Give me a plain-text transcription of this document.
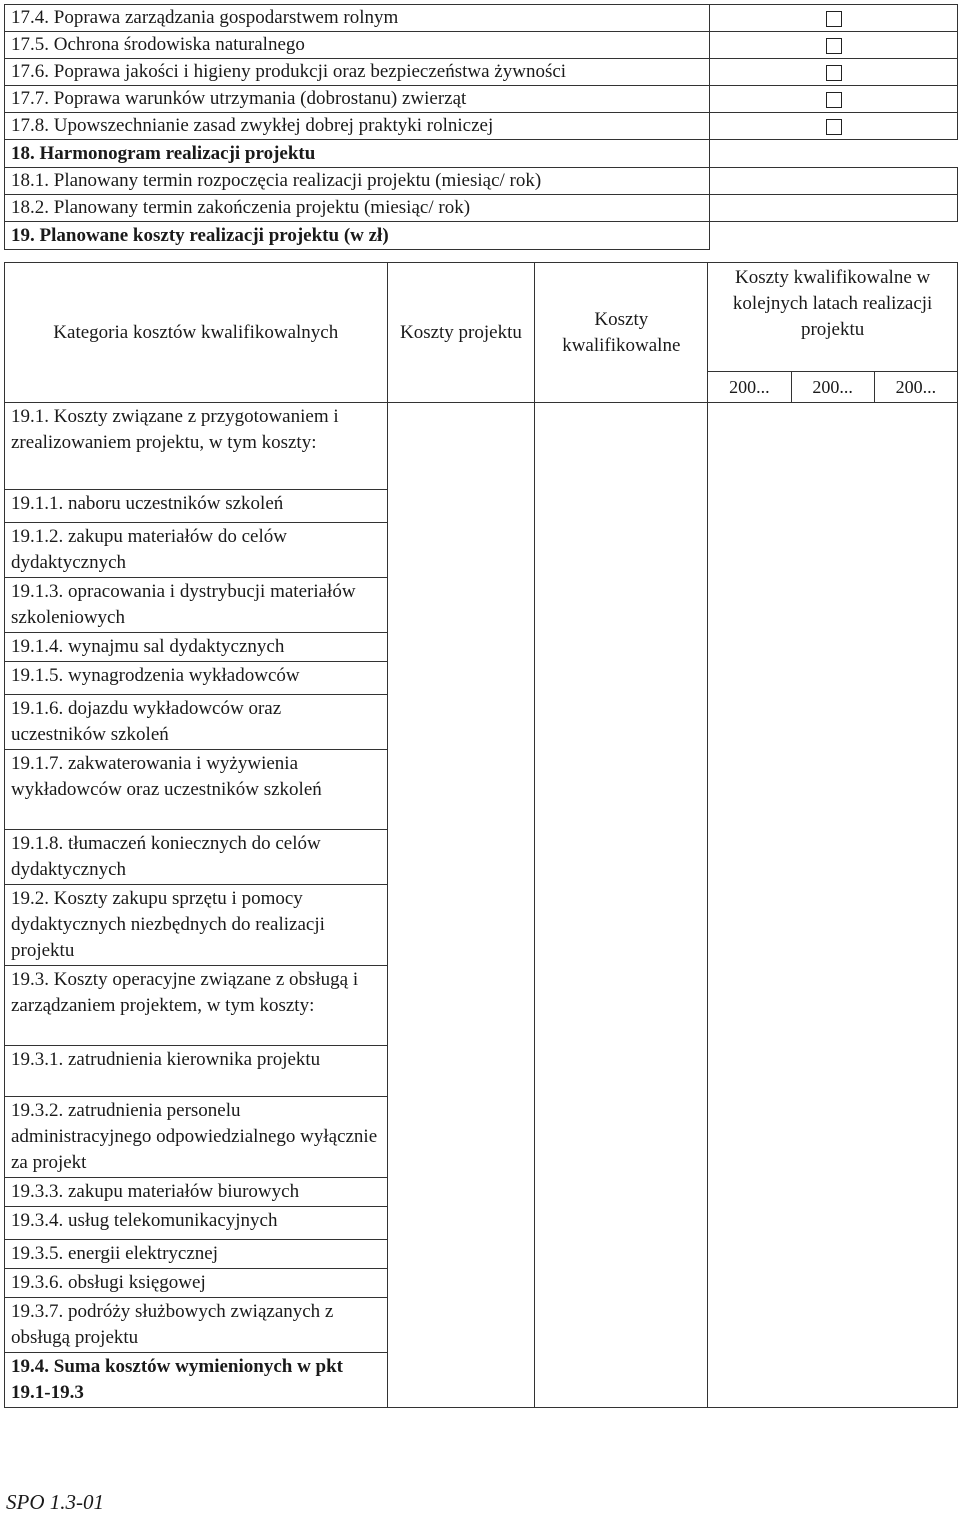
17.4. Poprawa zarządzania gospodarstwem rolnym	
17.5. Ochrona środowiska naturalnego	
17.6. Poprawa jakości i higieny produkcji oraz bezpieczeństwa żywności	
17.7. Poprawa warunków utrzymania (dobrostanu) zwierząt	
17.8. Upowszechnianie zasad zwykłej dobrej praktyki rolniczej	
18. Harmonogram realizacji projektu	
18.1. Planowany termin rozpoczęcia realizacji projektu (miesiąc/ rok)	
18.2. Planowany termin zakończenia projektu (miesiąc/ rok)	
19. Planowane koszty realizacji projektu (w zł)	
Kategoria kosztów kwalifikowalnych	Koszty projektu	Koszty kwalifikowalne	Koszty kwalifikowalne w kolejnych latach realizacji projektu

			200... 200... 200...

19.1. Koszty związane z przygotowaniem i zrealizowaniem projektu, w tym koszty:			
19.1.1. naboru uczestników szkoleń			
19.1.2. zakupu materiałów do celów dydaktycznych			
19.1.3. opracowania i dystrybucji materiałów szkoleniowych			
19.1.4. wynajmu sal dydaktycznych			
19.1.5. wynagrodzenia wykładowców			
19.1.6. dojazdu wykładowców oraz uczestników szkoleń			
19.1.7. zakwaterowania i wyżywienia wykładowców oraz uczestników szkoleń			
19.1.8. tłumaczeń koniecznych do celów dydaktycznych			
19.2. Koszty zakupu sprzętu i pomocy dydaktycznych niezbędnych do realizacji projektu			
19.3. Koszty operacyjne związane z obsługą i zarządzaniem projektem, w tym koszty:			
19.3.1. zatrudnienia kierownika projektu			
19.3.2. zatrudnienia personelu administracyjnego odpowiedzialnego wyłącznie za projekt			
19.3.3. zakupu materiałów biurowych			
19.3.4. usług telekomunikacyjnych			
19.3.5. energii elektrycznej			
19.3.6. obsługi księgowej			
19.3.7. podróży służbowych związanych z obsługą projektu			
19.4. Suma kosztów wymienionych w pkt 19.1-19.3			
SPO 1.3-01
